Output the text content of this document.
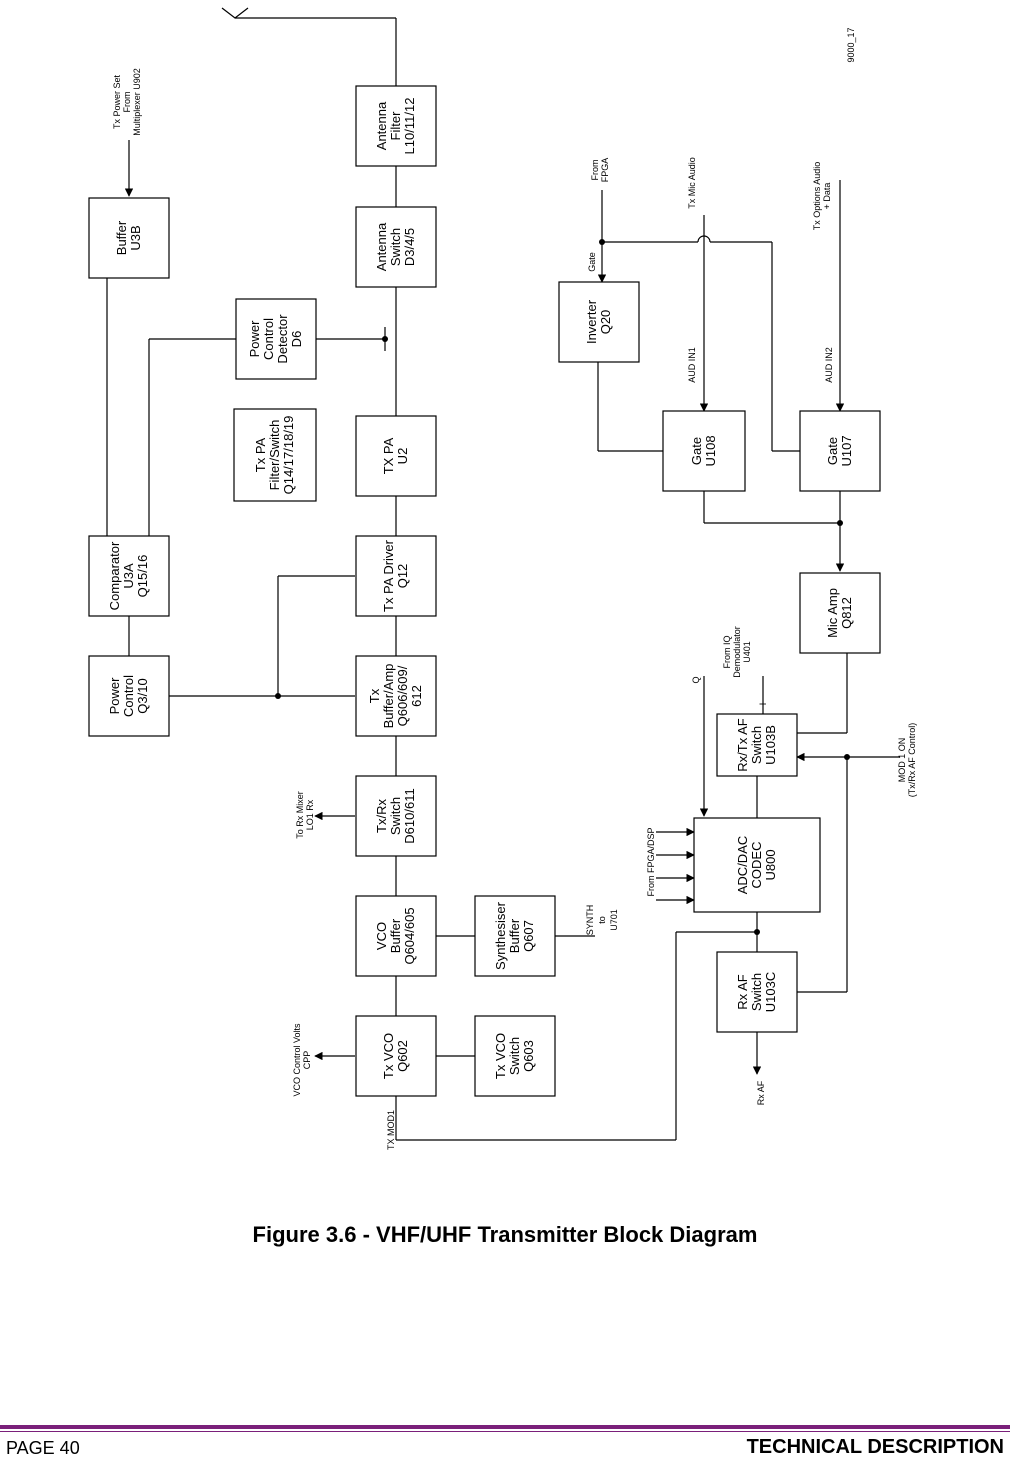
BufferU3B
ComparatorU3AQ15/16
PowerControlQ3/10
PowerControlDetectorD6
Tx PAFilter/SwitchQ14/17/18/19
AntennaFilterL10/11/12
AntennaSwitchD3/4/5
TX PAU2
Tx PA DriverQ12
TxBuffer/AmpQ606/609/612
Tx/RxSwitchD610/611
VCOBufferQ604/605
Tx VCOQ602
SynthesiserBufferQ607
Tx VCOSwitchQ603
InverterQ20
GateU108	GateU107
Mic AmpQ812
Rx/Tx AFSwitchU103B
ADC/DACCODECU800
Rx AFSwitchU103C
Tx Power SetFromMultiplexer U902
FromFPGA
Gate
Tx Mic Audio	Tx Options Audio+ Data
AUD IN1	AUD IN2
9000_17
To Rx MixerLO1 Rx
VCO Control VoltsCPP
SYNTH to U701
TX MOD1
From FPGA/DSP
Q
I
From IQDemodulatorU401
MOD 1 ON(Tx/Rx AF Control)
Rx AF
Figure 3.6 - VHF/UHF Transmitter Block Diagram
PAGE 40	TECHNICAL DESCRIPTION
